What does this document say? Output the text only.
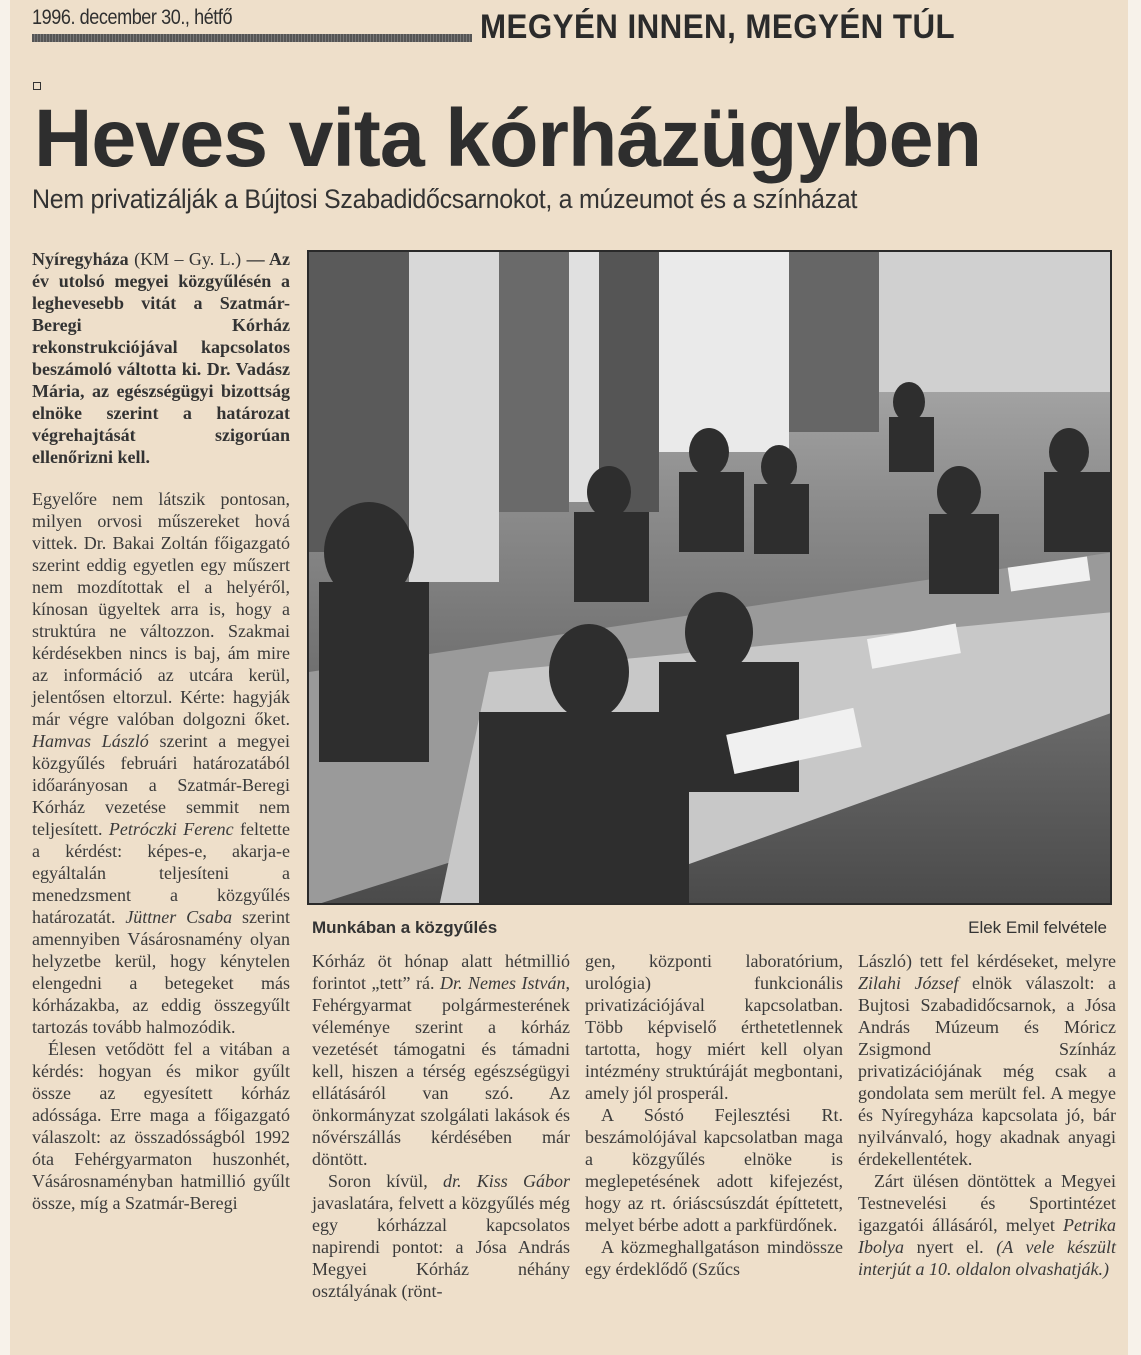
1996. december 30., hétfő	MEGYÉN INNEN, MEGYÉN TÚL
Heves vita kórházügyben
Nem privatizálják a Bújtosi Szabadidőcsarnokot, a múzeumot és a színházat
Munkában a közgyűlés	Elek Emil felvétele

Nyíregyháza (KM – Gy. L.) — Az év utolsó megyei közgyűlésén a leghevesebb vitát a Szatmár-Beregi Kórház rekonstrukciójával kapcsolatos beszámoló váltotta ki. Dr. Vadász Mária, az egészségügyi bizottság elnöke szerint a határozat végrehajtását szigorúan ellenőrizni kell.

Egyelőre nem látszik pontosan, milyen orvosi műszereket hová vittek. Dr. Bakai Zoltán főigazgató szerint eddig egyetlen egy műszert nem mozdítottak el a helyéről, kínosan ügyeltek arra is, hogy a struktúra ne változzon. Szakmai kérdésekben nincs is baj, ám mire az információ az utcára kerül, jelentősen eltorzul. Kérte: hagyják már végre valóban dolgozni őket. Hamvas László szerint a megyei közgyűlés februári határozatából időarányosan a Szatmár-Beregi Kórház vezetése semmit nem teljesített. Petróczki Ferenc feltette a kérdést: képes-e, akarja-e egyáltalán teljesíteni a menedzsment a közgyűlés határozatát. Jüttner Csaba szerint amennyiben Vásárosnamény olyan helyzetbe kerül, hogy kénytelen elengedni a betegeket más kórházakba, az eddig összegyűlt tartozás tovább halmozódik.

Élesen vetődött fel a vitában a kérdés: hogyan és mikor gyűlt össze az egyesített kórház adóssága. Erre maga a főigazgató válaszolt: az összadósságból 1992 óta Fehérgyarmaton huszonhét, Vásárosnaményban hatmillió gyűlt össze, míg a Szatmár-Beregi

Kórház öt hónap alatt hétmillió forintot „tett” rá. Dr. Nemes István, Fehérgyarmat polgármesterének véleménye szerint a kórház vezetését támogatni és támadni kell, hiszen a térség egészségügyi ellátásáról van szó. Az önkormányzat szolgálati lakások és nővérszállás kérdésében már döntött.

Soron kívül, dr. Kiss Gábor javaslatára, felvett a közgyűlés még egy kórházzal kapcsolatos napirendi pontot: a Jósa András Megyei Kórház néhány osztályának (rönt-

gen, központi laboratórium, urológia) funkcionális privatizációjával kapcsolatban. Több képviselő érthetetlennek tartotta, hogy miért kell olyan intézmény struktúráját megbontani, amely jól prosperál.

A Sóstó Fejlesztési Rt. beszámolójával kapcsolatban maga a közgyűlés elnöke is meglepetésének adott kifejezést, hogy az rt. óriáscsúszdát építtetett, melyet bérbe adott a parkfürdőnek.

A közmeghallgatáson mindössze egy érdeklődő (Szűcs

László) tett fel kérdéseket, melyre Zilahi József elnök válaszolt: a Bujtosi Szabadidőcsarnok, a Jósa András Múzeum és Móricz Zsigmond Színház privatizációjának még csak a gondolata sem merült fel. A megye és Nyíregyháza kapcsolata jó, bár nyilvánvaló, hogy akadnak anyagi érdekellentétek.

Zárt ülésen döntöttek a Megyei Testnevelési és Sportintézet igazgatói állásáról, melyet Petrika Ibolya nyert el. (A vele készült interjút a 10. oldalon olvashatják.)
